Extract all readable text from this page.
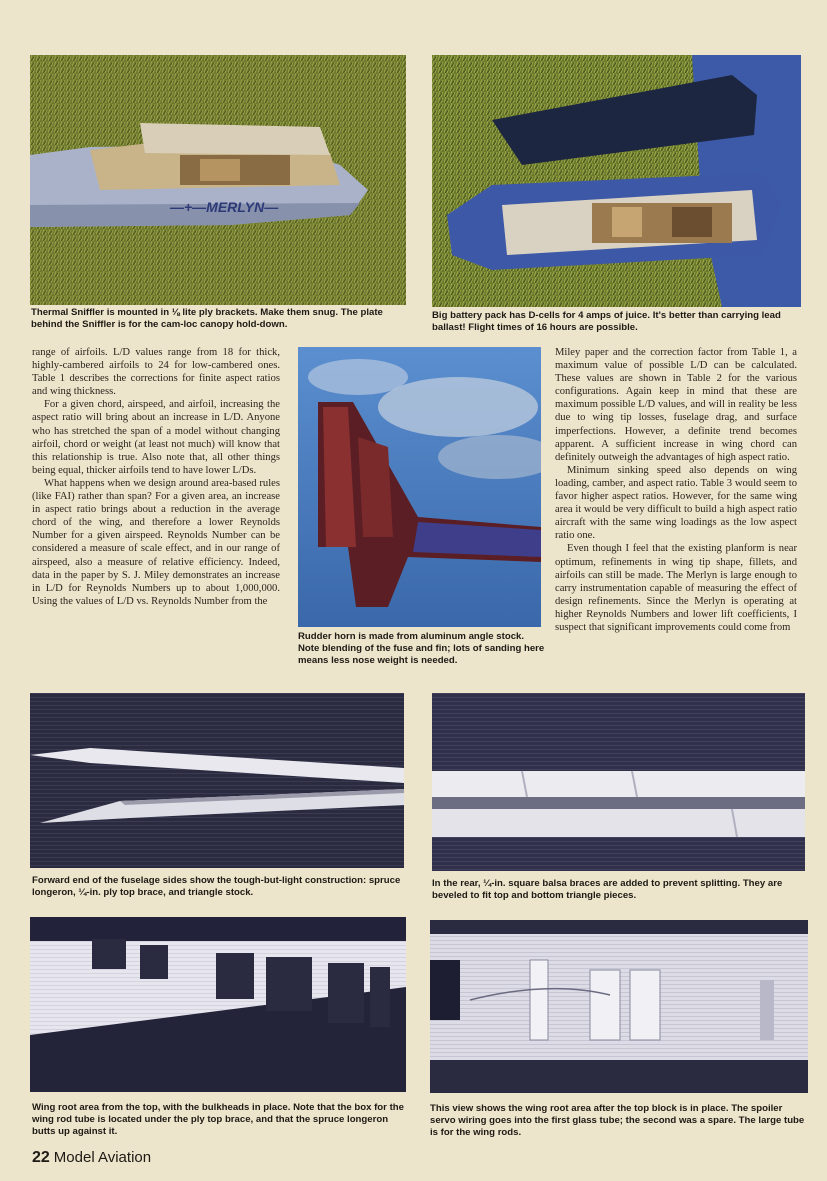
—+—MERLYN—

Thermal Sniffler is mounted in ⅛ lite ply brackets. Make them snug. The plate behind the Sniffler is for the cam-loc canopy hold-down.

Big battery pack has D-cells for 4 amps of juice. It's better than carrying lead ballast! Flight times of 16 hours are possible.

range of airfoils. L/D values range from 18 for thick, highly-cambered airfoils to 24 for low-cambered ones. Table 1 describes the corrections for finite aspect ratios and wing thickness.

For a given chord, airspeed, and airfoil, increasing the aspect ratio will bring about an increase in L/D. Anyone who has stretched the span of a model without changing airfoil, chord or weight (at least not much) will know that this relationship is true. Also note that, all other things being equal, thicker airfoils tend to have lower L/Ds.

What happens when we design around area-based rules (like FAI) rather than span? For a given area, an increase in aspect ratio brings about a reduction in the average chord of the wing, and therefore a lower Reynolds Number for a given airspeed. Reynolds Number can be considered a measure of scale effect, and in our range of airspeed, also a measure of relative efficiency. Indeed, data in the paper by S. J. Miley demonstrates an increase in L/D for Reynolds Numbers up to about 1,000,000. Using the values of L/D vs. Reynolds Number from the

Rudder horn is made from aluminum angle stock. Note blending of the fuse and fin; lots of sanding here means less nose weight is needed.

Miley paper and the correction factor from Table 1, a maximum value of possible L/D can be calculated. These values are shown in Table 2 for the various configurations. Again keep in mind that these are maximum possible L/D values, and will in reality be less due to wing tip losses, fuselage drag, and surface imperfections. However, a definite trend becomes apparent. A sufficient increase in wing chord can definitely outweigh the advantages of high aspect ratio.

Minimum sinking speed also depends on wing loading, camber, and aspect ratio. Table 3 would seem to favor higher aspect ratios. However, for the same wing area it would be very difficult to build a high aspect ratio aircraft with the same wing loadings as the low aspect ratio one.

Even though I feel that the existing planform is near optimum, refinements in wing tip shape, fillets, and airfoils can still be made. The Merlyn is large enough to carry instrumentation capable of measuring the effect of design refinements. Since the Merlyn is operating at higher Reynolds Numbers and lower lift coefficients, I suspect that significant improvements could come from

Forward end of the fuselage sides show the tough-but-light construction: spruce longeron, ¼-in. ply top brace, and triangle stock.

In the rear, ¼-in. square balsa braces are added to prevent splitting. They are beveled to fit top and bottom triangle pieces.

Wing root area from the top, with the bulkheads in place. Note that the box for the wing rod tube is located under the ply top brace, and that the spruce longeron butts up against it.

This view shows the wing root area after the top block is in place. The spoiler servo wiring goes into the first glass tube; the second was a spare. The large tube is for the wing rods.

22 Model Aviation
